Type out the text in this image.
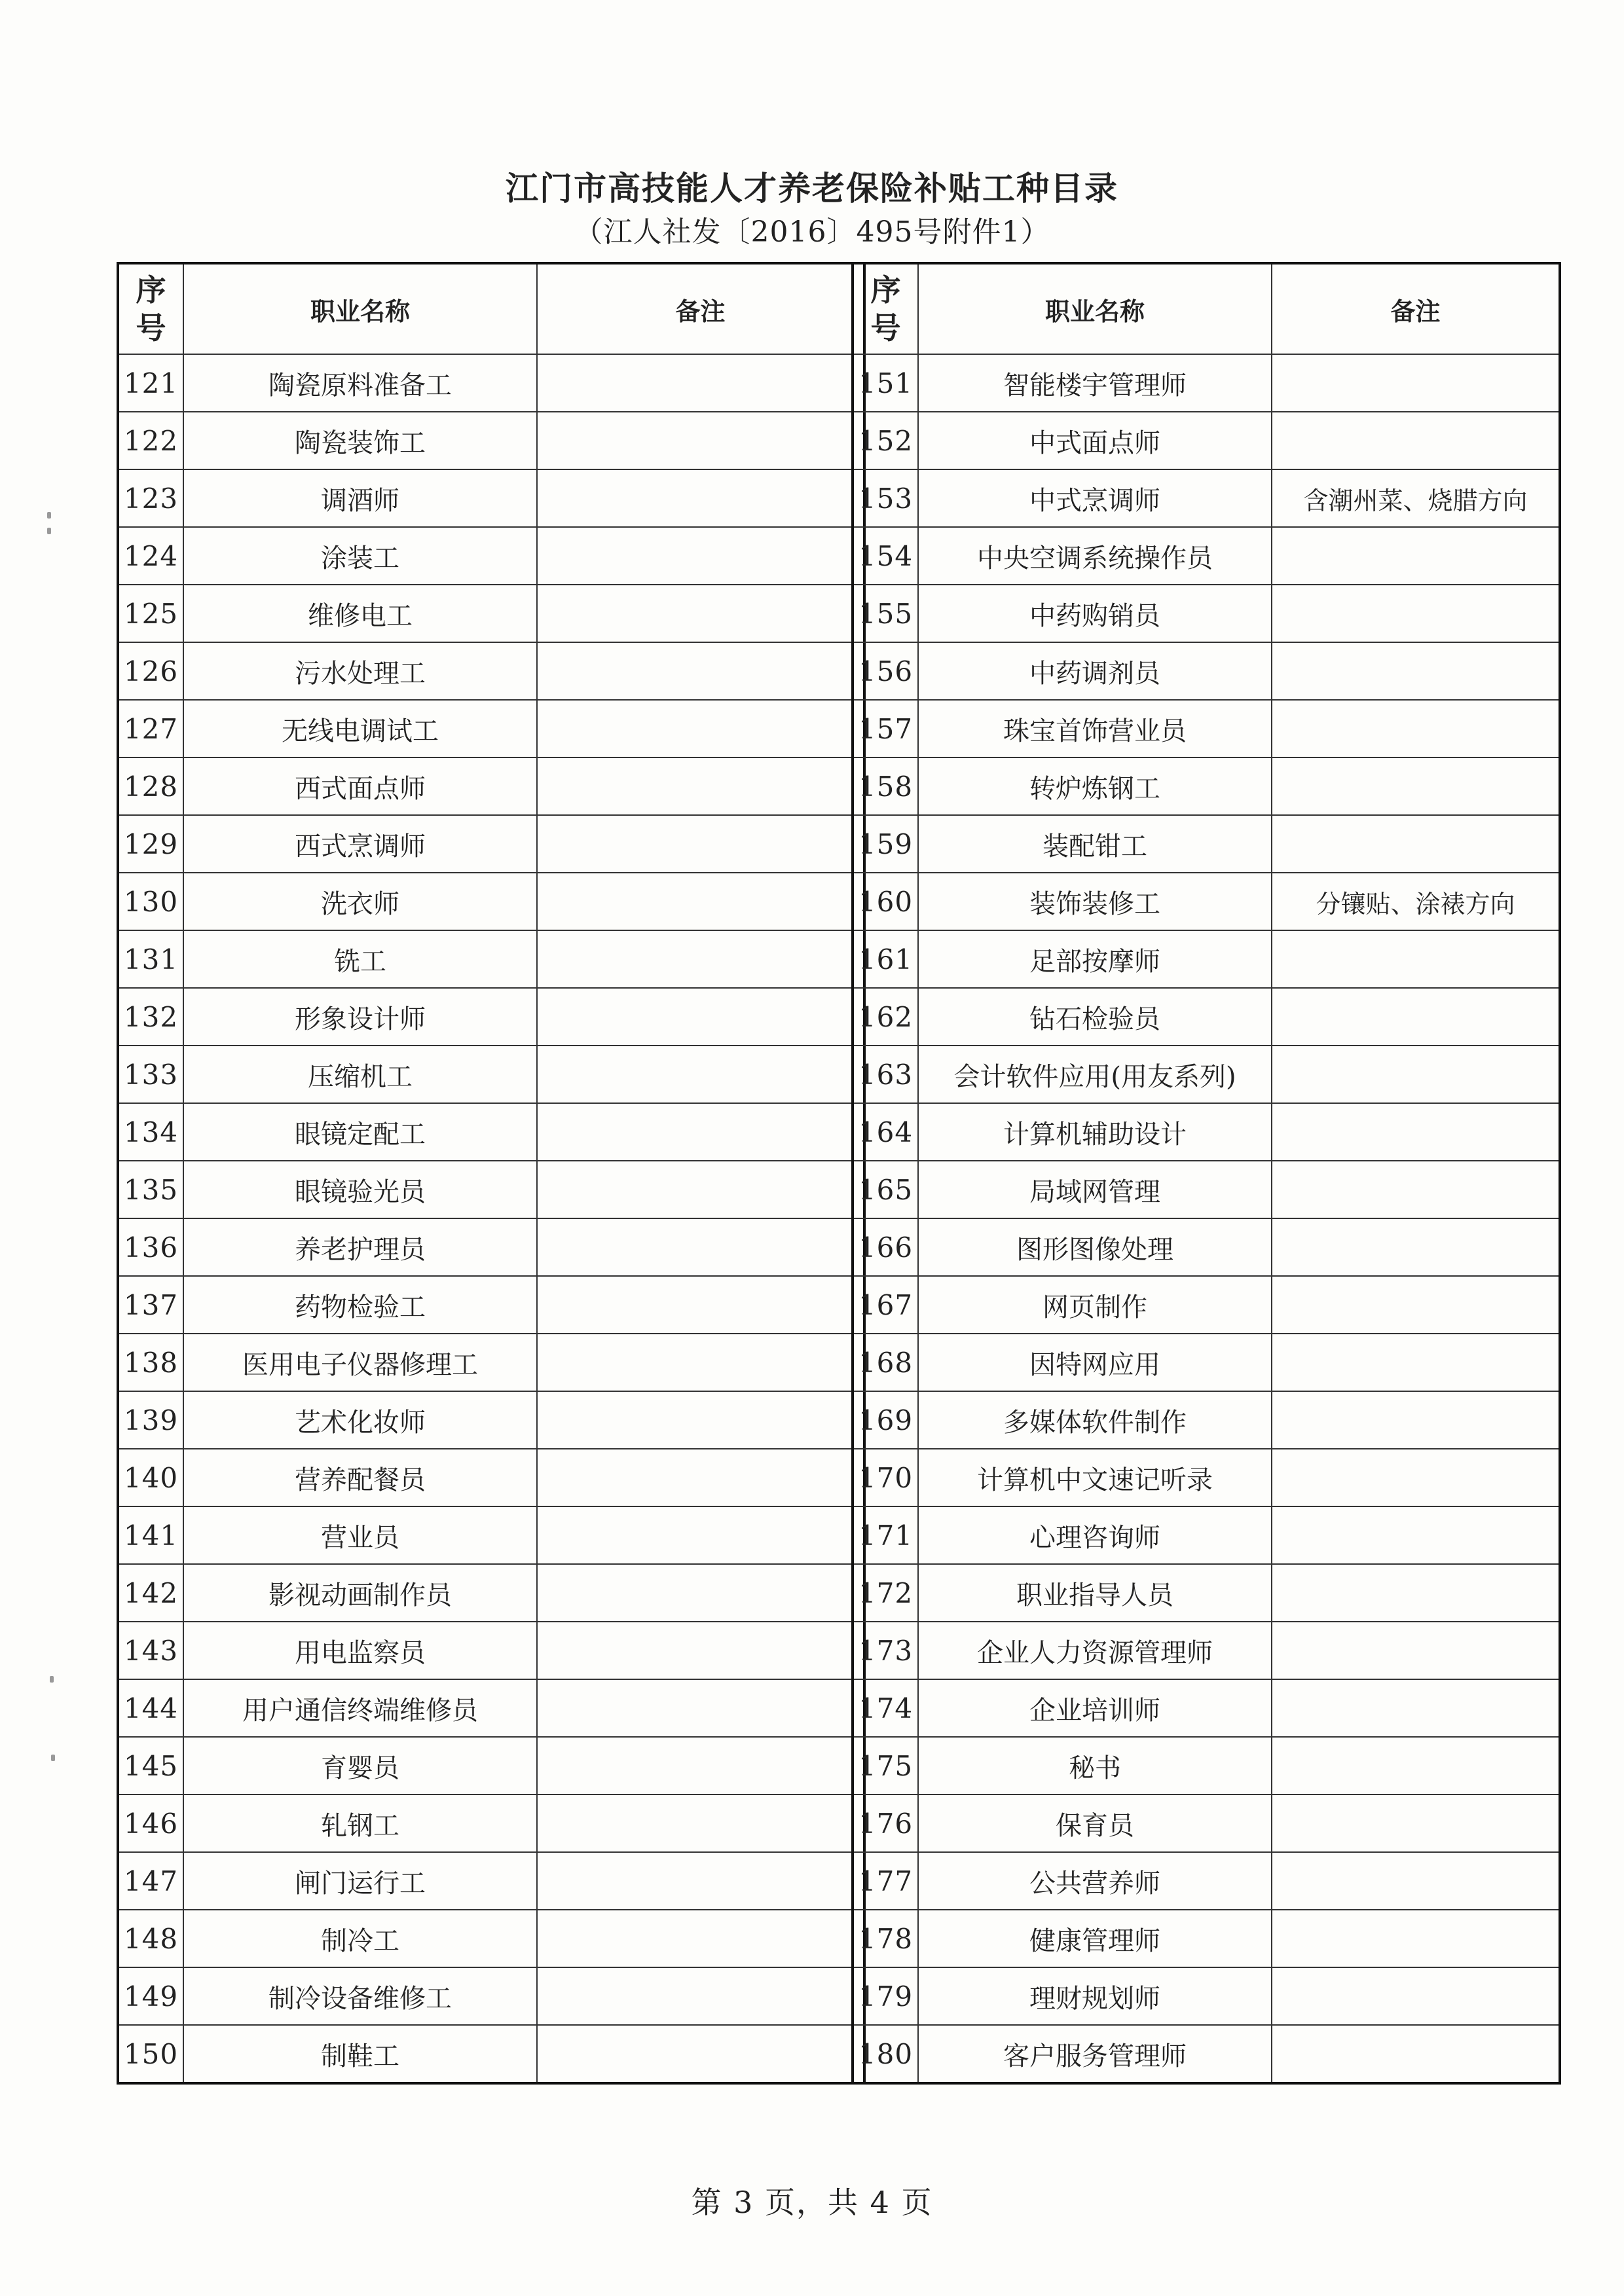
江门市高技能人才养老保险补贴工种目录
（江人社发〔2016〕495号附件1）
序
号	职业名称	备注
121	陶瓷原料准备工	
122	陶瓷装饰工	
123	调酒师	
124	涂装工	
125	维修电工	
126	污水处理工	
127	无线电调试工	
128	西式面点师	
129	西式烹调师	
130	洗衣师	
131	铣工	
132	形象设计师	
133	压缩机工	
134	眼镜定配工	
135	眼镜验光员	
136	养老护理员	
137	药物检验工	
138	医用电子仪器修理工	
139	艺术化妆师	
140	营养配餐员	
141	营业员	
142	影视动画制作员	
143	用电监察员	
144	用户通信终端维修员	
145	育婴员	
146	轧钢工	
147	闸门运行工	
148	制冷工	
149	制冷设备维修工	
150	制鞋工	
序
号	职业名称	备注
151	智能楼宇管理师	
152	中式面点师	
153	中式烹调师	含潮州菜、烧腊方向
154	中央空调系统操作员	
155	中药购销员	
156	中药调剂员	
157	珠宝首饰营业员	
158	转炉炼钢工	
159	装配钳工	
160	装饰装修工	分镶贴、涂裱方向
161	足部按摩师	
162	钻石检验员	
163	会计软件应用(用友系列)	
164	计算机辅助设计	
165	局域网管理	
166	图形图像处理	
167	网页制作	
168	因特网应用	
169	多媒体软件制作	
170	计算机中文速记听录	
171	心理咨询师	
172	职业指导人员	
173	企业人力资源管理师	
174	企业培训师	
175	秘书	
176	保育员	
177	公共营养师	
178	健康管理师	
179	理财规划师	
180	客户服务管理师	
第 3 页，共 4 页
